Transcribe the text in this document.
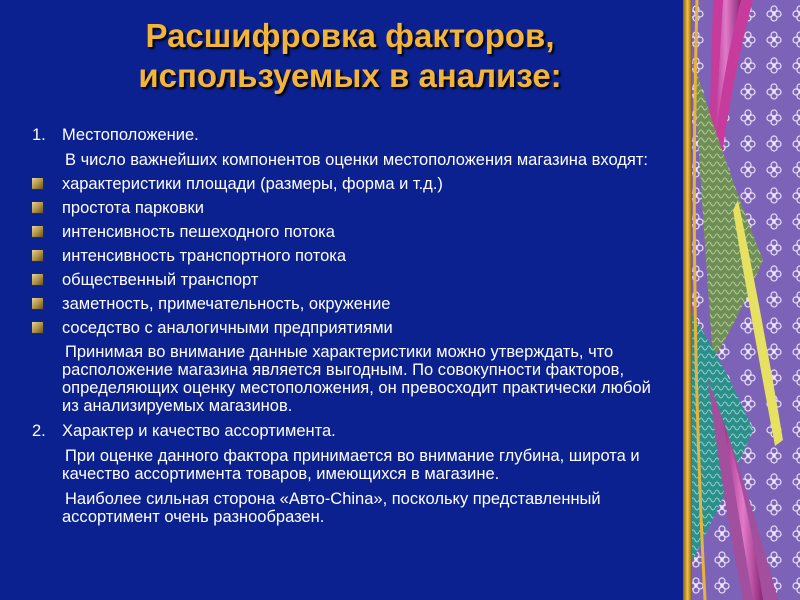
Расшифровка факторов,
используемых в анализе:
1. Местоположение.
В число важнейших компонентов оценки местоположения магазина входят:
характеристики площади (размеры, форма и т.д.)
простота парковки
интенсивность пешеходного потока
интенсивность транспортного потока
общественный транспорт
заметность, примечательность, окружение
соседство с аналогичными предприятиями
Принимая во внимание данные характеристики можно утверждать, что расположение магазина является выгодным. По совокупности факторов, определяющих оценку местоположения, он превосходит практически любой из анализируемых магазинов.
2. Характер и качество ассортимента.
При оценке данного фактора принимается во внимание глубина, широта и качество ассортимента товаров, имеющихся в магазине.
Наиболее сильная сторона «Авто-China», поскольку представленный ассортимент очень разнообразен.
